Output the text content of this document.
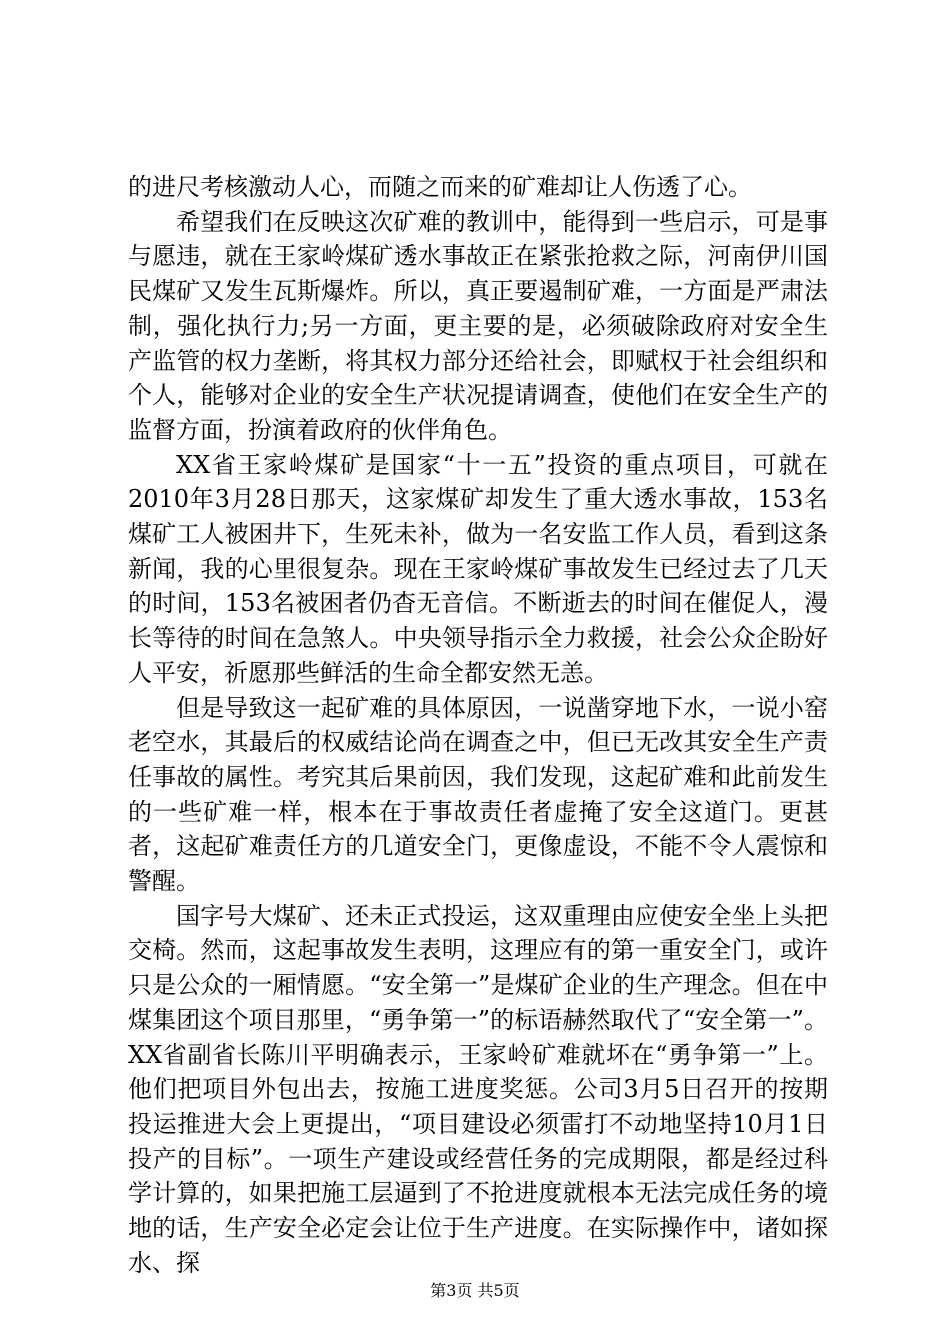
的进尺考核激动人心，而随之而来的矿难却让人伤透了心。

希望我们在反映这次矿难的教训中，能得到一些启示，可是事与愿违，就在王家岭煤矿透水事故正在紧张抢救之际，河南伊川国民煤矿又发生瓦斯爆炸。所以，真正要遏制矿难，一方面是严肃法制，强化执行力;另一方面，更主要的是，必须破除政府对安全生产监管的权力垄断，将其权力部分还给社会，即赋权于社会组织和个人，能够对企业的安全生产状况提请调查，使他们在安全生产的监督方面，扮演着政府的伙伴角色。

XX省王家岭煤矿是国家“十一五”投资的重点项目，可就在2010年3月28日那天，这家煤矿却发生了重大透水事故，153名煤矿工人被困井下，生死未补，做为一名安监工作人员，看到这条新闻，我的心里很复杂。现在王家岭煤矿事故发生已经过去了几天的时间，153名被困者仍杳无音信。不断逝去的时间在催促人，漫长等待的时间在急煞人。中央领导指示全力救援，社会公众企盼好人平安，祈愿那些鲜活的生命全都安然无恙。

但是导致这一起矿难的具体原因，一说凿穿地下水，一说小窑老空水，其最后的权威结论尚在调查之中，但已无改其安全生产责任事故的属性。考究其后果前因，我们发现，这起矿难和此前发生的一些矿难一样，根本在于事故责任者虚掩了安全这道门。更甚者，这起矿难责任方的几道安全门，更像虚设，不能不令人震惊和警醒。

国字号大煤矿、还未正式投运，这双重理由应使安全坐上头把交椅。然而，这起事故发生表明，这理应有的第一重安全门，或许只是公众的一厢情愿。“安全第一”是煤矿企业的生产理念。但在中煤集团这个项目那里，“勇争第一”的标语赫然取代了“安全第一”。XX省副省长陈川平明确表示，王家岭矿难就坏在“勇争第一”上。他们把项目外包出去，按施工进度奖惩。公司3月5日召开的按期投运推进大会上更提出，“项目建设必须雷打不动地坚持10月1日投产的目标”。一项生产建设或经营任务的完成期限，都是经过科学计算的，如果把施工层逼到了不抢进度就根本无法完成任务的境地的话，生产安全必定会让位于生产进度。在实际操作中，诸如探水、探

第3页 共5页
